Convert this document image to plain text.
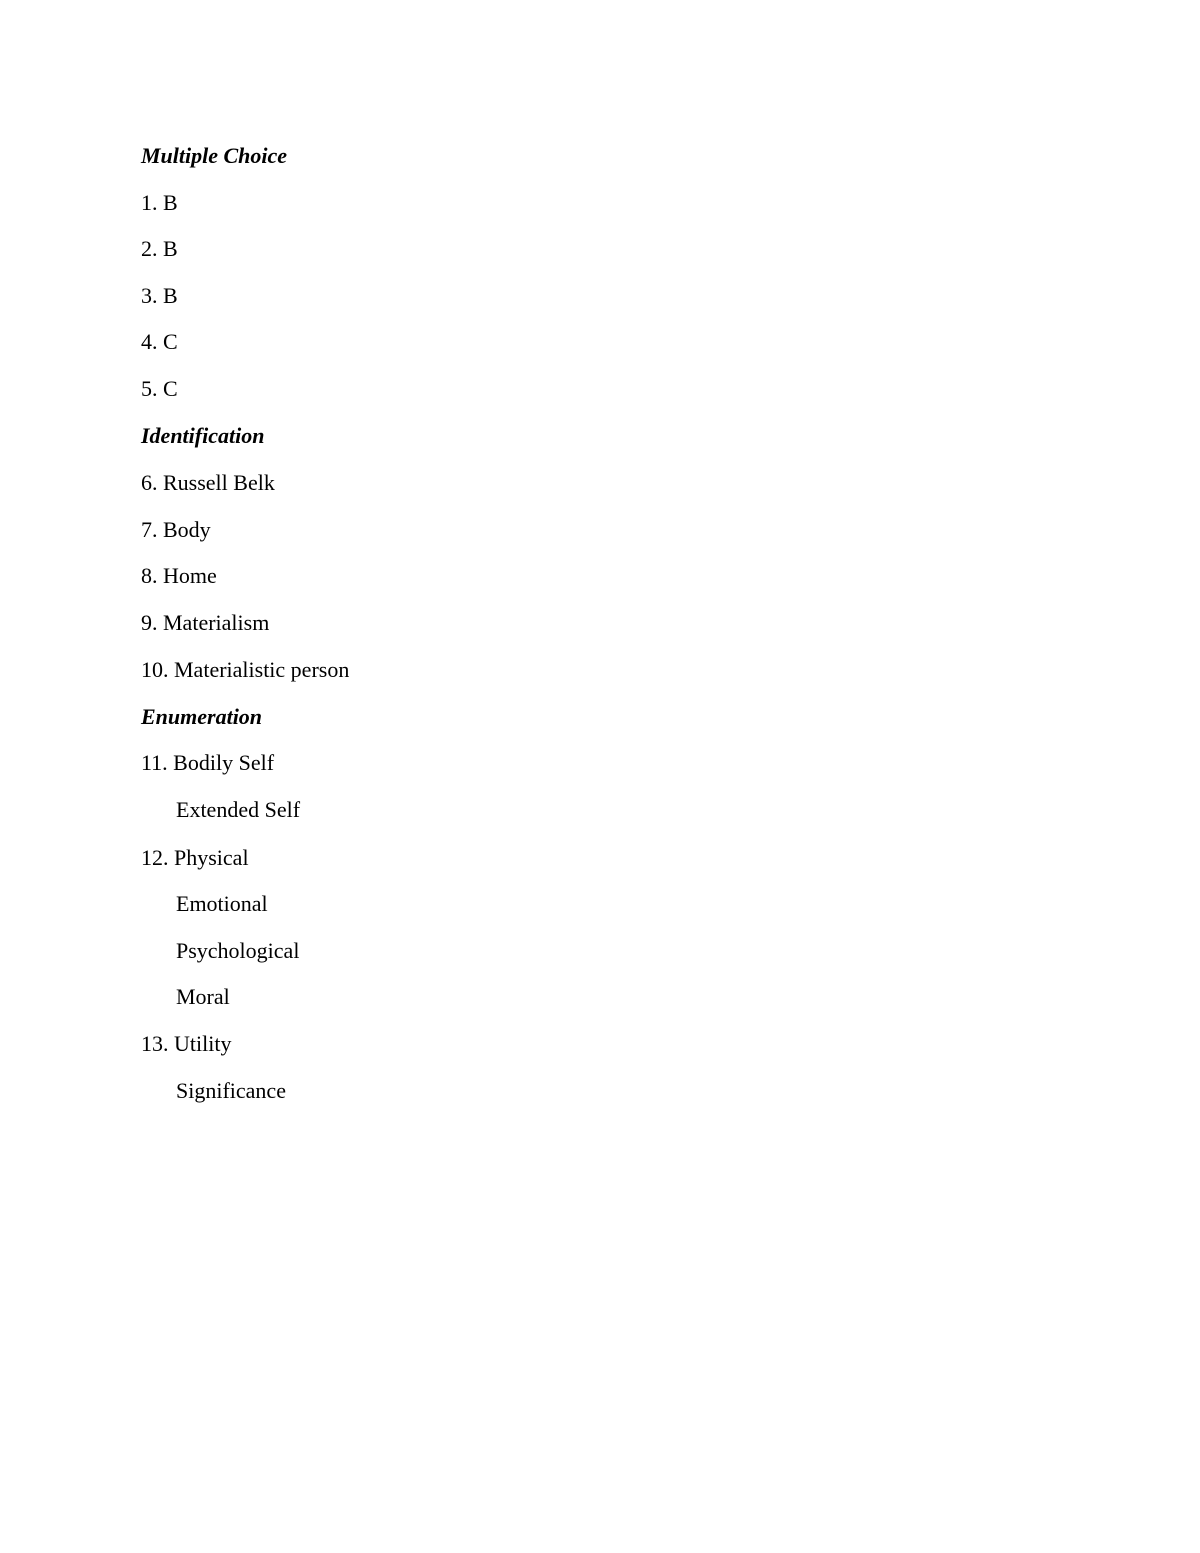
Multiple Choice
1. B
2. B
3. B
4. C
5. C
Identification
6. Russell Belk
7. Body
8. Home
9. Materialism
10. Materialistic person
Enumeration
11. Bodily Self
Extended Self
12. Physical
Emotional
Psychological
Moral
13. Utility
Significance
